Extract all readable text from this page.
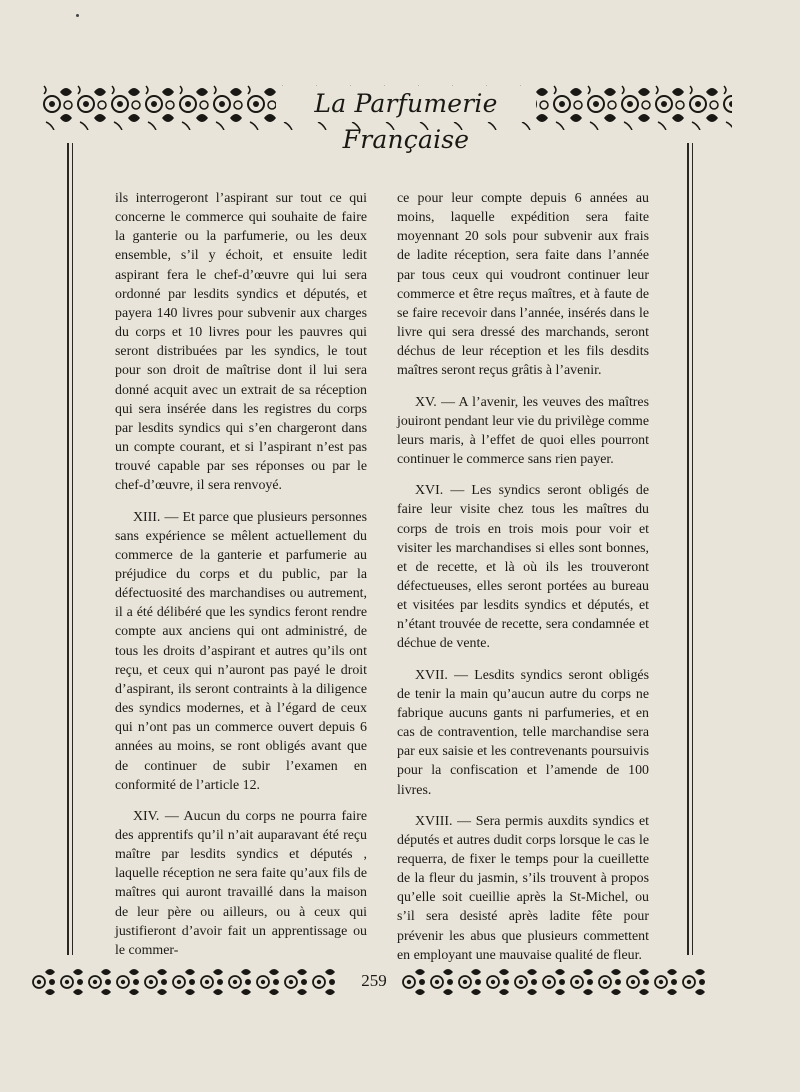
La Parfumerie Française

ils interrogeront l’aspirant sur tout ce qui concerne le commerce qui souhaite de faire la ganterie ou la parfumerie, ou les deux ensemble, s’il y échoit, et ensuite ledit aspirant fera le chef-d’œuvre qui lui sera ordonné par lesdits syndics et députés, et payera 140 livres pour subvenir aux charges du corps et 10 livres pour les pauvres qui seront distribuées par les syndics, le tout pour son droit de maîtrise dont il lui sera donné acquit avec un extrait de sa réception qui sera insérée dans les registres du corps par lesdits syndics qui s’en chargeront dans un compte courant, et si l’aspirant n’est pas trouvé capable par ses réponses ou par le chef-d’œuvre, il sera renvoyé.

XIII. — Et parce que plusieurs personnes sans expérience se mêlent actuellement du commerce de la ganterie et parfumerie au préjudice du corps et du public, par la défectuosité des marchandises ou autrement, il a été délibéré que les syndics feront rendre compte aux anciens qui ont administré, de tous les droits d’aspirant et autres qu’ils ont reçu, et ceux qui n’auront pas payé le droit d’aspirant, ils seront contraints à la diligence des syndics modernes, et à l’égard de ceux qui n’ont pas un commerce ouvert depuis 6 années au moins, se ront obligés avant que de continuer de subir l’examen en conformité de l’article 12.

XIV. — Aucun du corps ne pourra faire des apprentifs qu’il n’ait auparavant été reçu maître par lesdits syndics et députés , laquelle réception ne sera faite qu’aux fils de maîtres qui auront travaillé dans la maison de leur père ou ailleurs, ou à ceux qui justifieront d’avoir fait un apprentissage ou le commer-

ce pour leur compte depuis 6 années au moins, laquelle expédition sera faite moyennant 20 sols pour subvenir aux frais de ladite réception, sera faite dans l’année par tous ceux qui voudront continuer leur commerce et être reçus maîtres, et à faute de se faire recevoir dans l’année, insérés dans le livre qui sera dressé des marchands, seront déchus de leur réception et les fils desdits maîtres seront reçus grâtis à l’avenir.

XV. — A l’avenir, les veuves des maîtres jouiront pendant leur vie du privilège comme leurs maris, à l’effet de quoi elles pourront continuer le commerce sans rien payer.

XVI. — Les syndics seront obligés de faire leur visite chez tous les maîtres du corps de trois en trois mois pour voir et visiter les marchandises si elles sont bonnes, et de recette, et là où ils les trouveront défectueuses, elles seront portées au bureau et visitées par lesdits syndics et députés, et n’étant trouvée de recette, sera condamnée et déchue de vente.

XVII. — Lesdits syndics seront obligés de tenir la main qu’aucun autre du corps ne fabrique aucuns gants ni parfumeries, et en cas de contravention, telle marchandise sera par eux saisie et les contrevenants poursuivis pour la confiscation et l’amende de 100 livres.

XVIII. — Sera permis auxdits syndics et députés et autres dudit corps lorsque le cas le requerra, de fixer le temps pour la cueillette de la fleur du jasmin, s’ils trouvent à propos qu’elle soit cueillie après la St-Michel, ou s’il sera desisté après ladite fête pour prévenir les abus que plusieurs commettent en employant une mauvaise qualité de fleur.

259
